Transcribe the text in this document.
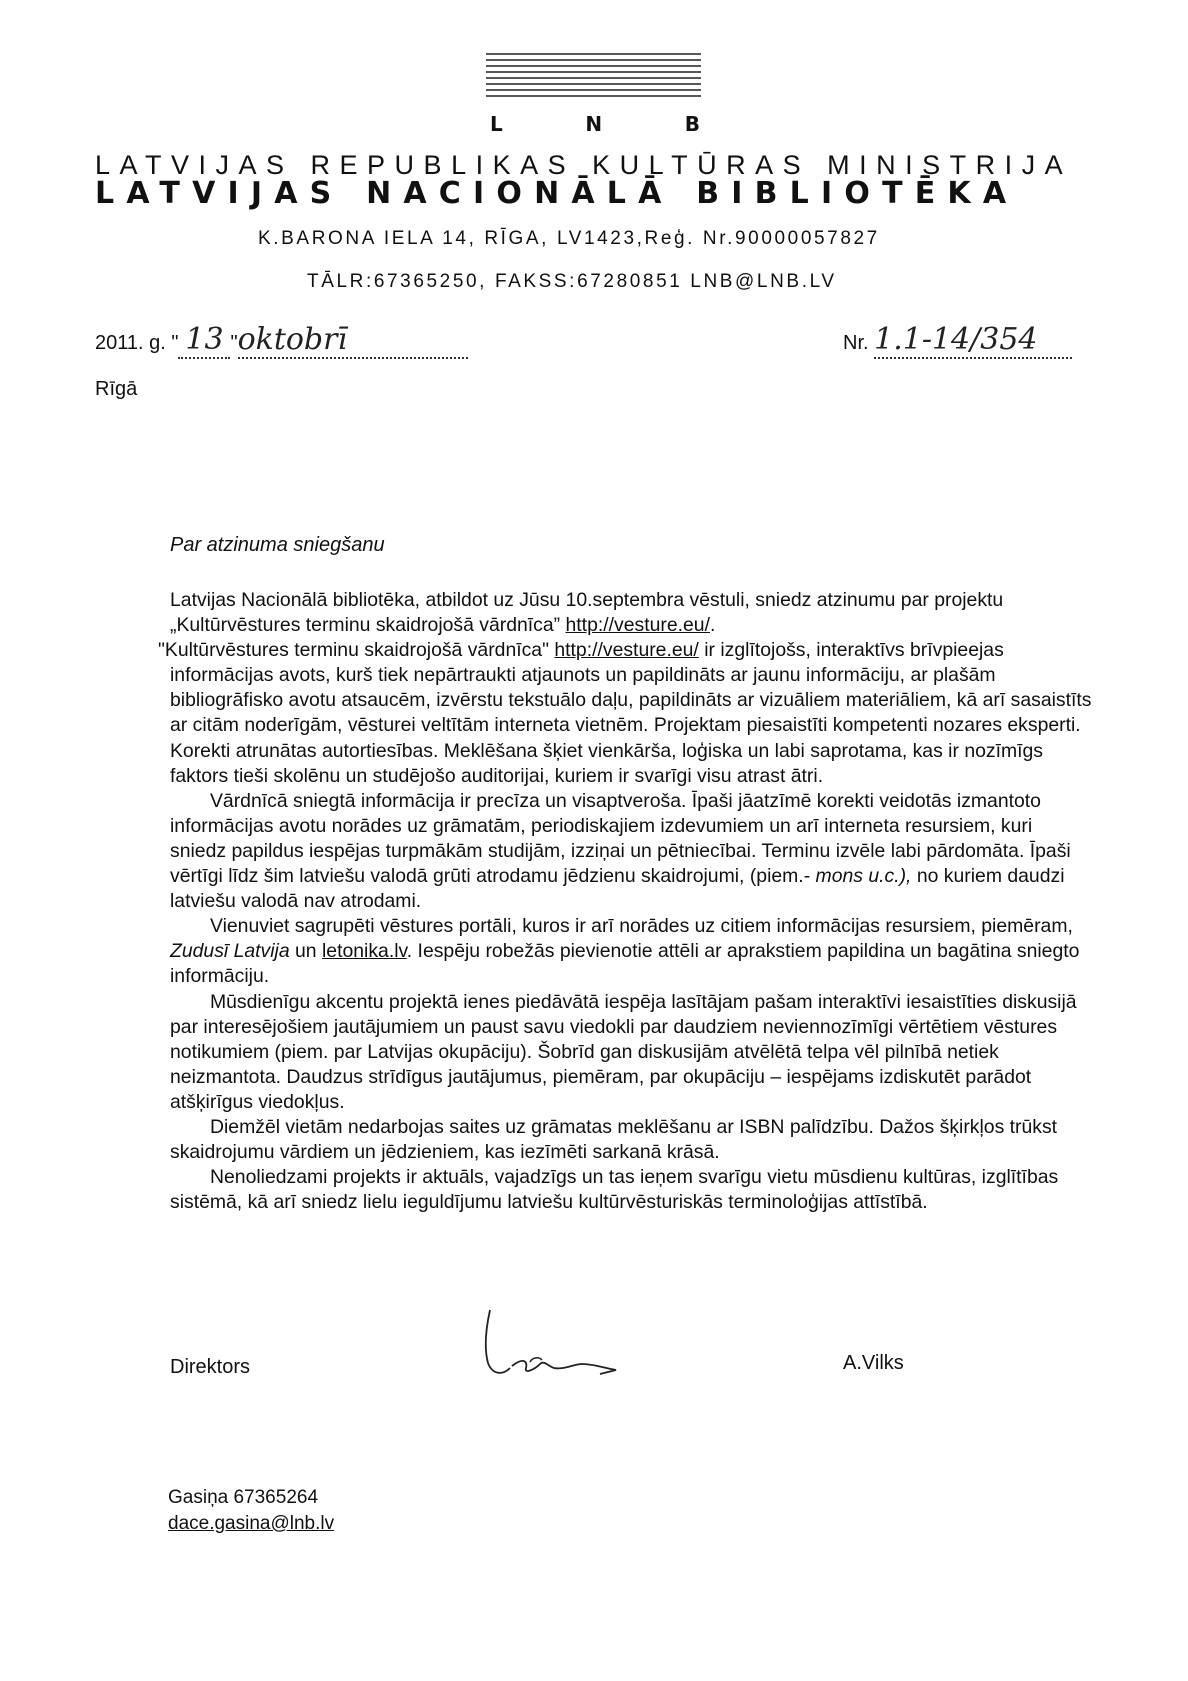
L	N	B
LATVIJAS REPUBLIKAS KULTŪRAS MINISTRIJA
LATVIJAS NACIONĀLĀ BIBLIOTĒKA
K.BARONA IELA 14, RĪGA, LV1423,Reģ. Nr.90000057827
TĀLR:67365250, FAKSS:67280851 LNB@LNB.LV
2011. g. " 13 "oktobrī	Nr. 1.1-14/354
Rīgā
Par atzinuma sniegšanu

Latvijas Nacionālā bibliotēka, atbildot uz Jūsu 10.septembra vēstuli, sniedz atzinumu par projektu „Kultūrvēstures terminu skaidrojošā vārdnīca” http://vesture.eu/.

"Kultūrvēstures terminu skaidrojošā vārdnīca" http://vesture.eu/ ir izglītojošs, interaktīvs brīvpieejas informācijas avots, kurš tiek nepārtraukti atjaunots un papildināts ar jaunu informāciju, ar plašām bibliogrāfisko avotu atsaucēm, izvērstu tekstuālo daļu, papildināts ar vizuāliem materiāliem, kā arī sasaistīts ar citām noderīgām, vēsturei veltītām interneta vietnēm. Projektam piesaistīti kompetenti nozares eksperti. Korekti atrunātas autortiesības. Meklēšana šķiet vienkārša, loģiska un labi saprotama, kas ir nozīmīgs faktors tieši skolēnu un studējošo auditorijai, kuriem ir svarīgi visu atrast ātri.

Vārdnīcā sniegtā informācija ir precīza un visaptveroša. Īpaši jāatzīmē korekti veidotās izmantoto informācijas avotu norādes uz grāmatām, periodiskajiem izdevumiem un arī interneta resursiem, kuri sniedz papildus iespējas turpmākām studijām, izziņai un pētniecībai. Terminu izvēle labi pārdomāta. Īpaši vērtīgi līdz šim latviešu valodā grūti atrodamu jēdzienu skaidrojumi, (piem.- mons u.c.), no kuriem daudzi latviešu valodā nav atrodami.

Vienuviet sagrupēti vēstures portāli, kuros ir arī norādes uz citiem informācijas resursiem, piemēram, Zudusī Latvija un letonika.lv. Iespēju robežās pievienotie attēli ar aprakstiem papildina un bagātina sniegto informāciju.

Mūsdienīgu akcentu projektā ienes piedāvātā iespēja lasītājam pašam interaktīvi iesaistīties diskusijā par interesējošiem jautājumiem un paust savu viedokli par daudziem neviennozīmīgi vērtētiem vēstures notikumiem (piem. par Latvijas okupāciju). Šobrīd gan diskusijām atvēlētā telpa vēl pilnībā netiek neizmantota. Daudzus strīdīgus jautājumus, piemēram, par okupāciju – iespējams izdiskutēt parādot atšķirīgus viedokļus.

Diemžēl vietām nedarbojas saites uz grāmatas meklēšanu ar ISBN palīdzību. Dažos šķirkļos trūkst skaidrojumu vārdiem un jēdzieniem, kas iezīmēti sarkanā krāsā.

Nenoliedzami projekts ir aktuāls, vajadzīgs un tas ieņem svarīgu vietu mūsdienu kultūras, izglītības sistēmā, kā arī sniedz lielu ieguldījumu latviešu kultūrvēsturiskās terminoloģijas attīstībā.

Direktors	A.Vilks
Gasiņa 67365264
dace.gasina@lnb.lv
